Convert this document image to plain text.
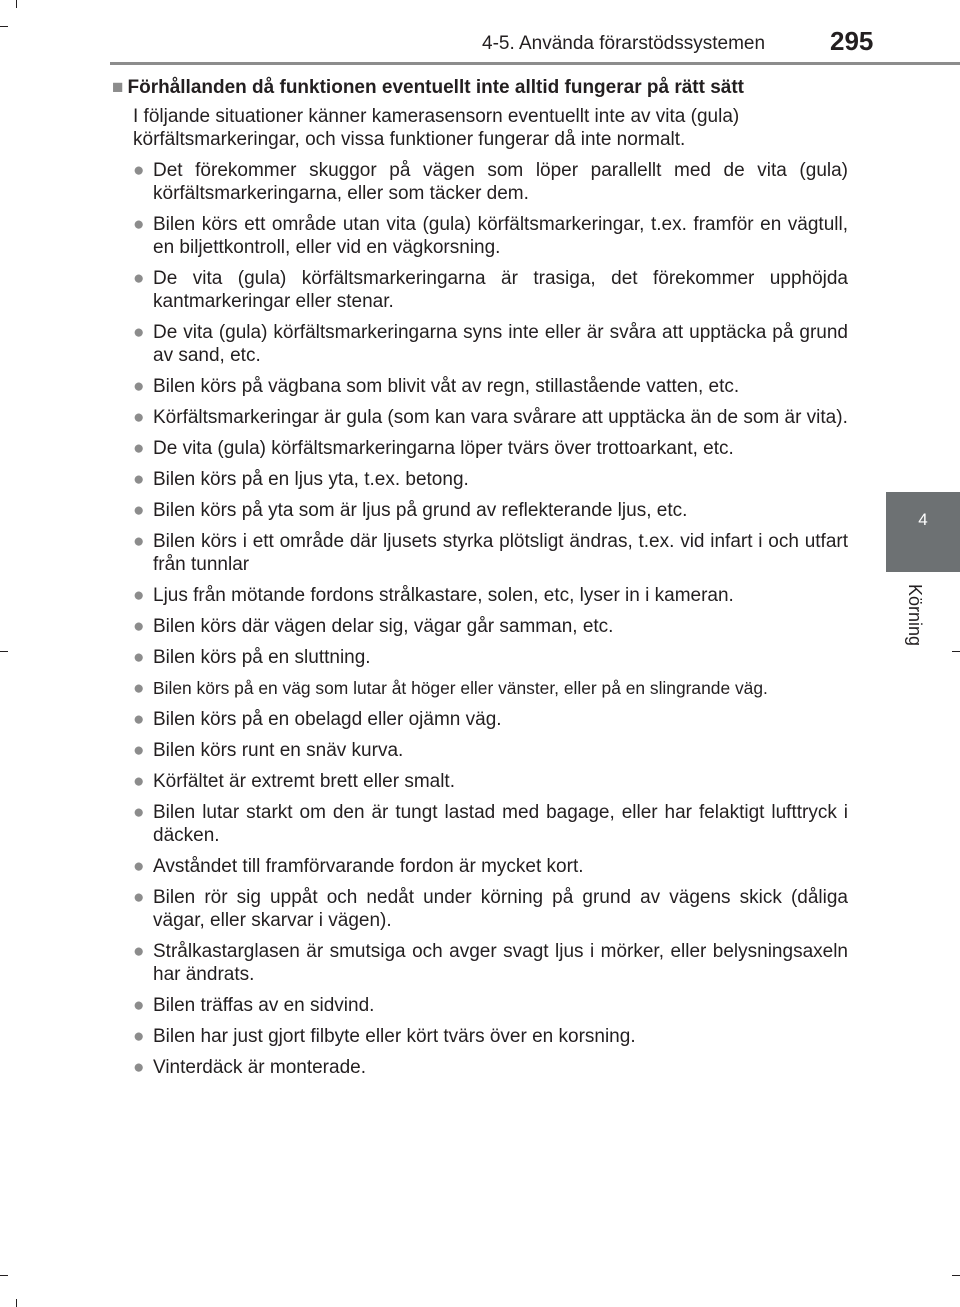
4-5. Använda förarstödssystemen 295
4
Körning
■ Förhållanden då funktionen eventuellt inte alltid fungerar på rätt sätt

I följande situationer känner kamerasensorn eventuellt inte av vita (gula) körfältsmarkeringar, och vissa funktioner fungerar då inte normalt.

● Det förekommer skuggor på vägen som löper parallellt med de vita (gula) körfältsmarkeringarna, eller som täcker dem.
● Bilen körs ett område utan vita (gula) körfältsmarkeringar, t.ex. framför en vägtull, en biljettkontroll, eller vid en vägkorsning.
● De vita (gula) körfältsmarkeringarna är trasiga, det förekommer upphöjda kantmarkeringar eller stenar.
● De vita (gula) körfältsmarkeringarna syns inte eller är svåra att upptäcka på grund av sand, etc.
● Bilen körs på vägbana som blivit våt av regn, stillastående vatten, etc.
● Körfältsmarkeringar är gula (som kan vara svårare att upptäcka än de som är vita).
● De vita (gula) körfältsmarkeringarna löper tvärs över trottoarkant, etc.
● Bilen körs på en ljus yta, t.ex. betong.
● Bilen körs på yta som är ljus på grund av reflekterande ljus, etc.
● Bilen körs i ett område där ljusets styrka plötsligt ändras, t.ex. vid infart i och utfart från tunnlar
● Ljus från mötande fordons strålkastare, solen, etc, lyser in i kameran.
● Bilen körs där vägen delar sig, vägar går samman, etc.
● Bilen körs på en sluttning.
● Bilen körs på en väg som lutar åt höger eller vänster, eller på en slingrande väg.
● Bilen körs på en obelagd eller ojämn väg.
● Bilen körs runt en snäv kurva.
● Körfältet är extremt brett eller smalt.
● Bilen lutar starkt om den är tungt lastad med bagage, eller har felaktigt lufttryck i däcken.
● Avståndet till framförvarande fordon är mycket kort.
● Bilen rör sig uppåt och nedåt under körning på grund av vägens skick (dåliga vägar, eller skarvar i vägen).
● Strålkastarglasen är smutsiga och avger svagt ljus i mörker, eller belysningsaxeln har ändrats.
● Bilen träffas av en sidvind.
● Bilen har just gjort filbyte eller kört tvärs över en korsning.
● Vinterdäck är monterade.
